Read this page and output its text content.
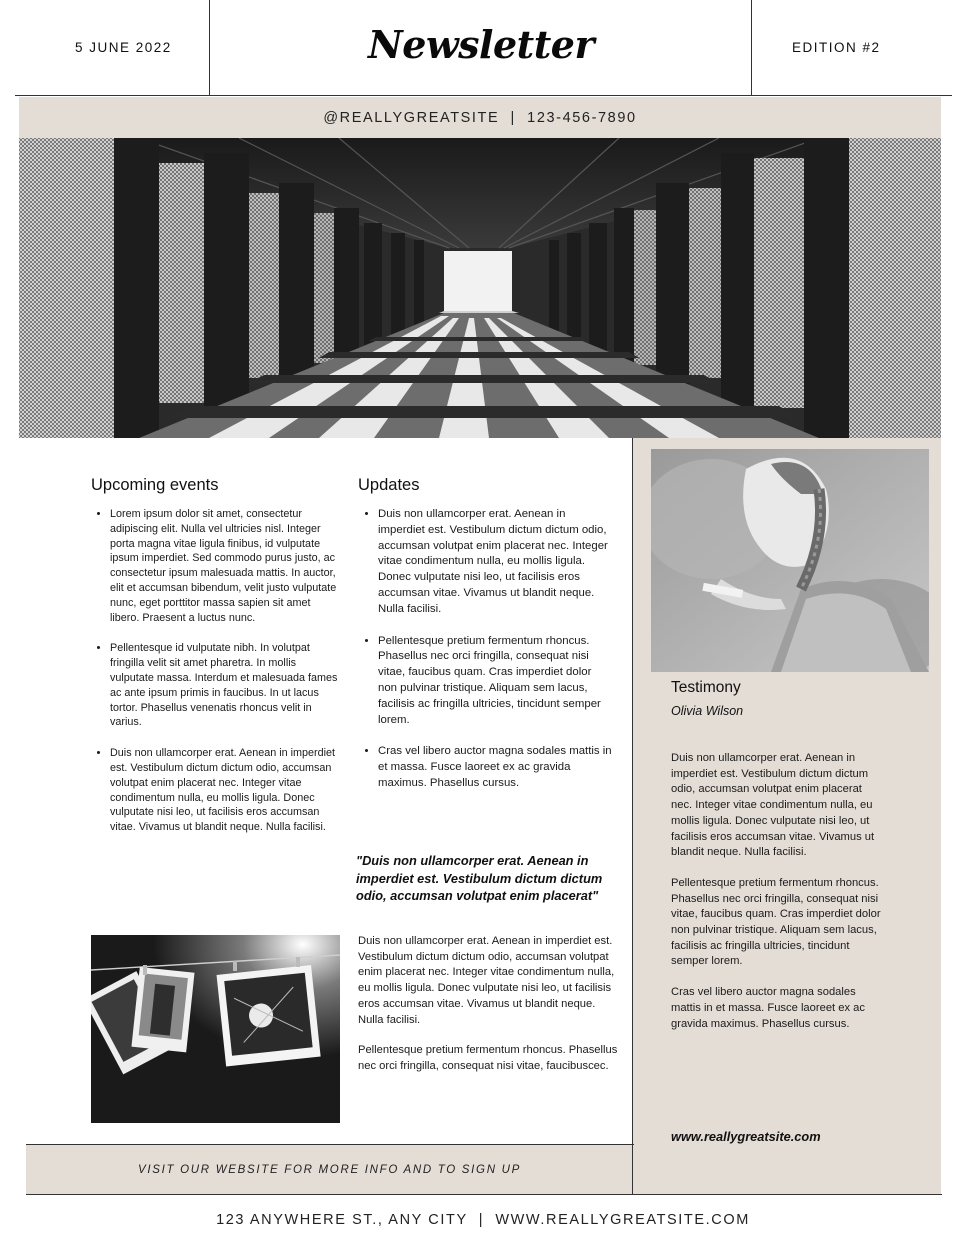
5 JUNE 2022	Newsletter	EDITION #2
@REALLYGREATSITE  |  123-456-7890
Upcoming events
• Lorem ipsum dolor sit amet, consectetur adipiscing elit. Nulla vel ultricies nisl. Integer porta magna vitae ligula finibus, id vulputate ipsum imperdiet. Sed commodo purus justo, ac consectetur ipsum malesuada mattis. In auctor, elit et accumsan bibendum, velit justo vulputate nunc, eget porttitor massa sapien sit amet libero. Praesent a luctus nunc.
• Pellentesque id vulputate nibh. In volutpat fringilla velit sit amet pharetra. In mollis vulputate massa. Interdum et malesuada fames ac ante ipsum primis in faucibus. In ut lacus tortor. Phasellus venenatis rhoncus velit in varius.
• Duis non ullamcorper erat. Aenean in imperdiet est. Vestibulum dictum dictum odio, accumsan volutpat enim placerat nec. Integer vitae condimentum nulla, eu mollis ligula. Donec vulputate nisi leo, ut facilisis eros accumsan vitae. Vivamus ut blandit neque. Nulla facilisi.
Updates
• Duis non ullamcorper erat. Aenean in imperdiet est. Vestibulum dictum dictum odio, accumsan volutpat enim placerat nec. Integer vitae condimentum nulla, eu mollis ligula. Donec vulputate nisi leo, ut facilisis eros accumsan vitae. Vivamus ut blandit neque. Nulla facilisi.
• Pellentesque pretium fermentum rhoncus. Phasellus nec orci fringilla, consequat nisi vitae, faucibus quam. Cras imperdiet dolor non pulvinar tristique. Aliquam sem lacus, facilisis ac fringilla ultricies, tincidunt semper lorem.
• Cras vel libero auctor magna sodales mattis in et massa. Fusce laoreet ex ac gravida maximus. Phasellus cursus.
"Duis non ullamcorper erat. Aenean in imperdiet est. Vestibulum dictum dictum odio, accumsan volutpat enim placerat"

Duis non ullamcorper erat. Aenean in imperdiet est. Vestibulum dictum dictum odio, accumsan volutpat enim placerat nec. Integer vitae condimentum nulla, eu mollis ligula. Donec vulputate nisi leo, ut facilisis eros accumsan vitae. Vivamus ut blandit neque. Nulla facilisi.

Pellentesque pretium fermentum rhoncus. Phasellus nec orci fringilla, consequat nisi vitae, faucibuscec.

Testimony
Olivia Wilson

Duis non ullamcorper erat. Aenean in imperdiet est. Vestibulum dictum dictum odio, accumsan volutpat enim placerat nec. Integer vitae condimentum nulla, eu mollis ligula. Donec vulputate nisi leo, ut facilisis eros accumsan vitae. Vivamus ut blandit neque. Nulla facilisi.

Pellentesque pretium fermentum rhoncus. Phasellus nec orci fringilla, consequat nisi vitae, faucibus quam. Cras imperdiet dolor non pulvinar tristique. Aliquam sem lacus, facilisis ac fringilla ultricies, tincidunt semper lorem.

Cras vel libero auctor magna sodales mattis in et massa. Fusce laoreet ex ac gravida maximus. Phasellus cursus.

www.reallygreatsite.com
VISIT OUR WEBSITE FOR MORE INFO AND TO SIGN UP
123 ANYWHERE ST., ANY CITY  |  WWW.REALLYGREATSITE.COM
